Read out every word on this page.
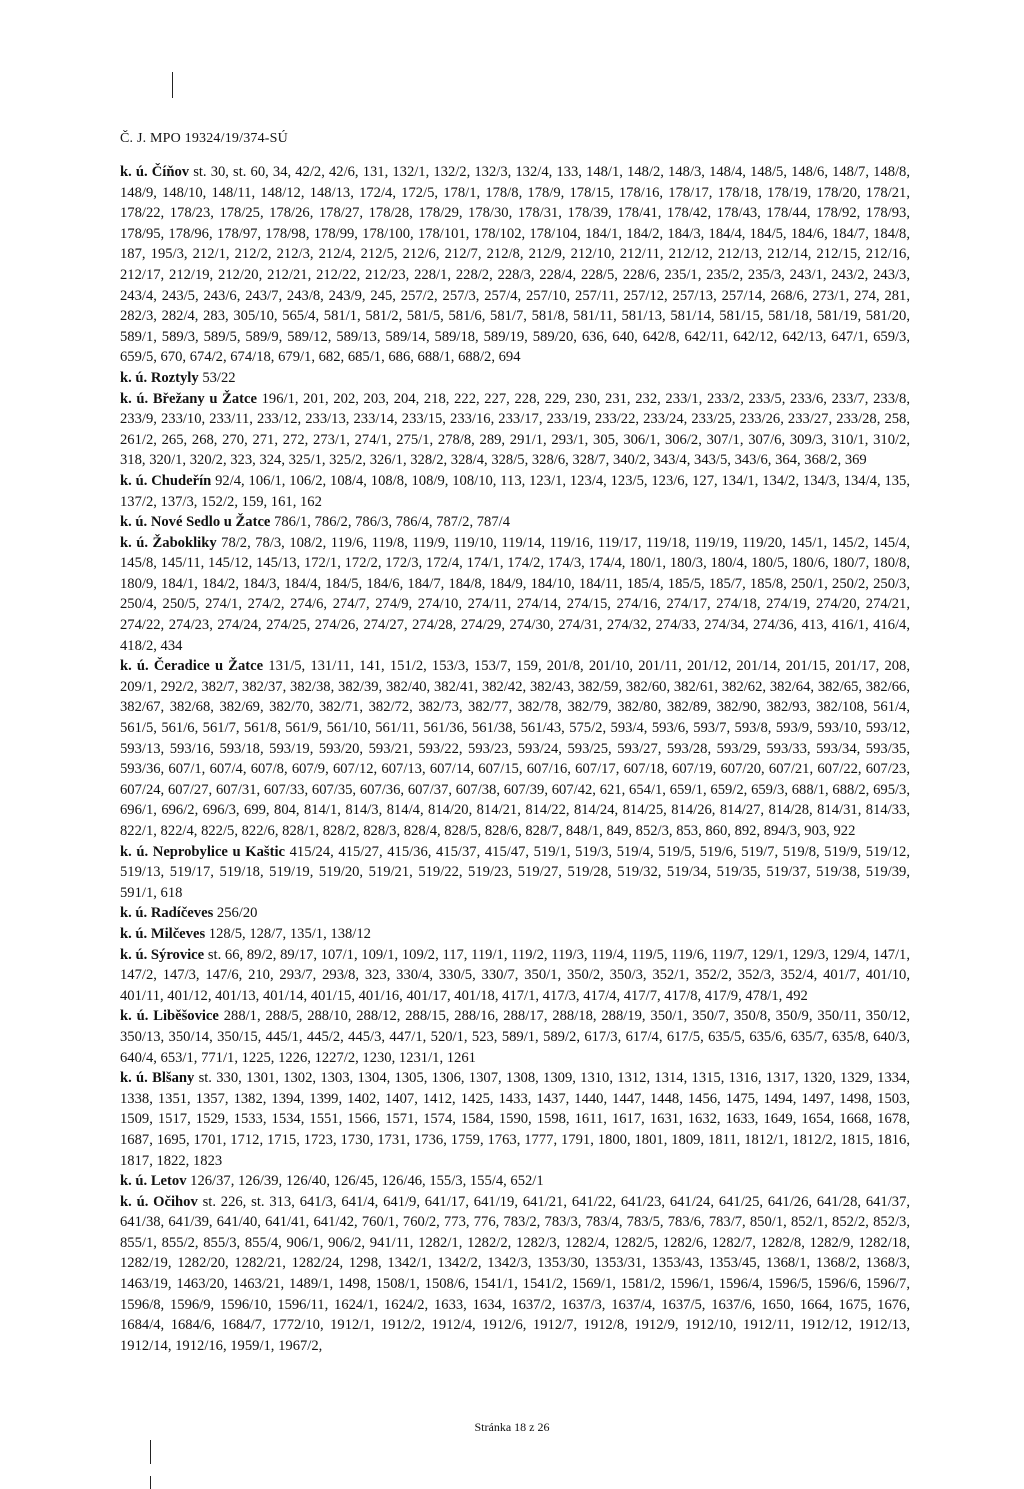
Č. J. MPO 19324/19/374-SÚ

k. ú. Číňov st. 30, st. 60, 34, 42/2, 42/6, 131, 132/1, 132/2, 132/3, 132/4, 133, 148/1, 148/2, 148/3, 148/4, 148/5, 148/6, 148/7, 148/8, 148/9, 148/10, 148/11, 148/12, 148/13, 172/4, 172/5, 178/1, 178/8, 178/9, 178/15, 178/16, 178/17, 178/18, 178/19, 178/20, 178/21, 178/22, 178/23, 178/25, 178/26, 178/27, 178/28, 178/29, 178/30, 178/31, 178/39, 178/41, 178/42, 178/43, 178/44, 178/92, 178/93, 178/95, 178/96, 178/97, 178/98, 178/99, 178/100, 178/101, 178/102, 178/104, 184/1, 184/2, 184/3, 184/4, 184/5, 184/6, 184/7, 184/8, 187, 195/3, 212/1, 212/2, 212/3, 212/4, 212/5, 212/6, 212/7, 212/8, 212/9, 212/10, 212/11, 212/12, 212/13, 212/14, 212/15, 212/16, 212/17, 212/19, 212/20, 212/21, 212/22, 212/23, 228/1, 228/2, 228/3, 228/4, 228/5, 228/6, 235/1, 235/2, 235/3, 243/1, 243/2, 243/3, 243/4, 243/5, 243/6, 243/7, 243/8, 243/9, 245, 257/2, 257/3, 257/4, 257/10, 257/11, 257/12, 257/13, 257/14, 268/6, 273/1, 274, 281, 282/3, 282/4, 283, 305/10, 565/4, 581/1, 581/2, 581/5, 581/6, 581/7, 581/8, 581/11, 581/13, 581/14, 581/15, 581/18, 581/19, 581/20, 589/1, 589/3, 589/5, 589/9, 589/12, 589/13, 589/14, 589/18, 589/19, 589/20, 636, 640, 642/8, 642/11, 642/12, 642/13, 647/1, 659/3, 659/5, 670, 674/2, 674/18, 679/1, 682, 685/1, 686, 688/1, 688/2, 694

k. ú. Roztyly 53/22

k. ú. Břežany u Žatce 196/1, 201, 202, 203, 204, 218, 222, 227, 228, 229, 230, 231, 232, 233/1, 233/2, 233/5, 233/6, 233/7, 233/8, 233/9, 233/10, 233/11, 233/12, 233/13, 233/14, 233/15, 233/16, 233/17, 233/19, 233/22, 233/24, 233/25, 233/26, 233/27, 233/28, 258, 261/2, 265, 268, 270, 271, 272, 273/1, 274/1, 275/1, 278/8, 289, 291/1, 293/1, 305, 306/1, 306/2, 307/1, 307/6, 309/3, 310/1, 310/2, 318, 320/1, 320/2, 323, 324, 325/1, 325/2, 326/1, 328/2, 328/4, 328/5, 328/6, 328/7, 340/2, 343/4, 343/5, 343/6, 364, 368/2, 369

k. ú. Chudeřín 92/4, 106/1, 106/2, 108/4, 108/8, 108/9, 108/10, 113, 123/1, 123/4, 123/5, 123/6, 127, 134/1, 134/2, 134/3, 134/4, 135, 137/2, 137/3, 152/2, 159, 161, 162

k. ú. Nové Sedlo u Žatce 786/1, 786/2, 786/3, 786/4, 787/2, 787/4

k. ú. Žabokliky 78/2, 78/3, 108/2, 119/6, 119/8, 119/9, 119/10, 119/14, 119/16, 119/17, 119/18, 119/19, 119/20, 145/1, 145/2, 145/4, 145/8, 145/11, 145/12, 145/13, 172/1, 172/2, 172/3, 172/4, 174/1, 174/2, 174/3, 174/4, 180/1, 180/3, 180/4, 180/5, 180/6, 180/7, 180/8, 180/9, 184/1, 184/2, 184/3, 184/4, 184/5, 184/6, 184/7, 184/8, 184/9, 184/10, 184/11, 185/4, 185/5, 185/7, 185/8, 250/1, 250/2, 250/3, 250/4, 250/5, 274/1, 274/2, 274/6, 274/7, 274/9, 274/10, 274/11, 274/14, 274/15, 274/16, 274/17, 274/18, 274/19, 274/20, 274/21, 274/22, 274/23, 274/24, 274/25, 274/26, 274/27, 274/28, 274/29, 274/30, 274/31, 274/32, 274/33, 274/34, 274/36, 413, 416/1, 416/4, 418/2, 434

k. ú. Čeradice u Žatce 131/5, 131/11, 141, 151/2, 153/3, 153/7, 159, 201/8, 201/10, 201/11, 201/12, 201/14, 201/15, 201/17, 208, 209/1, 292/2, 382/7, 382/37, 382/38, 382/39, 382/40, 382/41, 382/42, 382/43, 382/59, 382/60, 382/61, 382/62, 382/64, 382/65, 382/66, 382/67, 382/68, 382/69, 382/70, 382/71, 382/72, 382/73, 382/77, 382/78, 382/79, 382/80, 382/89, 382/90, 382/93, 382/108, 561/4, 561/5, 561/6, 561/7, 561/8, 561/9, 561/10, 561/11, 561/36, 561/38, 561/43, 575/2, 593/4, 593/6, 593/7, 593/8, 593/9, 593/10, 593/12, 593/13, 593/16, 593/18, 593/19, 593/20, 593/21, 593/22, 593/23, 593/24, 593/25, 593/27, 593/28, 593/29, 593/33, 593/34, 593/35, 593/36, 607/1, 607/4, 607/8, 607/9, 607/12, 607/13, 607/14, 607/15, 607/16, 607/17, 607/18, 607/19, 607/20, 607/21, 607/22, 607/23, 607/24, 607/27, 607/31, 607/33, 607/35, 607/36, 607/37, 607/38, 607/39, 607/42, 621, 654/1, 659/1, 659/2, 659/3, 688/1, 688/2, 695/3, 696/1, 696/2, 696/3, 699, 804, 814/1, 814/3, 814/4, 814/20, 814/21, 814/22, 814/24, 814/25, 814/26, 814/27, 814/28, 814/31, 814/33, 822/1, 822/4, 822/5, 822/6, 828/1, 828/2, 828/3, 828/4, 828/5, 828/6, 828/7, 848/1, 849, 852/3, 853, 860, 892, 894/3, 903, 922

k. ú. Neprobylice u Kaštic 415/24, 415/27, 415/36, 415/37, 415/47, 519/1, 519/3, 519/4, 519/5, 519/6, 519/7, 519/8, 519/9, 519/12, 519/13, 519/17, 519/18, 519/19, 519/20, 519/21, 519/22, 519/23, 519/27, 519/28, 519/32, 519/34, 519/35, 519/37, 519/38, 519/39, 591/1, 618

k. ú. Radíčeves 256/20

k. ú. Milčeves 128/5, 128/7, 135/1, 138/12

k. ú. Sýrovice st. 66, 89/2, 89/17, 107/1, 109/1, 109/2, 117, 119/1, 119/2, 119/3, 119/4, 119/5, 119/6, 119/7, 129/1, 129/3, 129/4, 147/1, 147/2, 147/3, 147/6, 210, 293/7, 293/8, 323, 330/4, 330/5, 330/7, 350/1, 350/2, 350/3, 352/1, 352/2, 352/3, 352/4, 401/7, 401/10, 401/11, 401/12, 401/13, 401/14, 401/15, 401/16, 401/17, 401/18, 417/1, 417/3, 417/4, 417/7, 417/8, 417/9, 478/1, 492

k. ú. Liběšovice 288/1, 288/5, 288/10, 288/12, 288/15, 288/16, 288/17, 288/18, 288/19, 350/1, 350/7, 350/8, 350/9, 350/11, 350/12, 350/13, 350/14, 350/15, 445/1, 445/2, 445/3, 447/1, 520/1, 523, 589/1, 589/2, 617/3, 617/4, 617/5, 635/5, 635/6, 635/7, 635/8, 640/3, 640/4, 653/1, 771/1, 1225, 1226, 1227/2, 1230, 1231/1, 1261

k. ú. Blšany st. 330, 1301, 1302, 1303, 1304, 1305, 1306, 1307, 1308, 1309, 1310, 1312, 1314, 1315, 1316, 1317, 1320, 1329, 1334, 1338, 1351, 1357, 1382, 1394, 1399, 1402, 1407, 1412, 1425, 1433, 1437, 1440, 1447, 1448, 1456, 1475, 1494, 1497, 1498, 1503, 1509, 1517, 1529, 1533, 1534, 1551, 1566, 1571, 1574, 1584, 1590, 1598, 1611, 1617, 1631, 1632, 1633, 1649, 1654, 1668, 1678, 1687, 1695, 1701, 1712, 1715, 1723, 1730, 1731, 1736, 1759, 1763, 1777, 1791, 1800, 1801, 1809, 1811, 1812/1, 1812/2, 1815, 1816, 1817, 1822, 1823

k. ú. Letov 126/37, 126/39, 126/40, 126/45, 126/46, 155/3, 155/4, 652/1

k. ú. Očihov st. 226, st. 313, 641/3, 641/4, 641/9, 641/17, 641/19, 641/21, 641/22, 641/23, 641/24, 641/25, 641/26, 641/28, 641/37, 641/38, 641/39, 641/40, 641/41, 641/42, 760/1, 760/2, 773, 776, 783/2, 783/3, 783/4, 783/5, 783/6, 783/7, 850/1, 852/1, 852/2, 852/3, 855/1, 855/2, 855/3, 855/4, 906/1, 906/2, 941/11, 1282/1, 1282/2, 1282/3, 1282/4, 1282/5, 1282/6, 1282/7, 1282/8, 1282/9, 1282/18, 1282/19, 1282/20, 1282/21, 1282/24, 1298, 1342/1, 1342/2, 1342/3, 1353/30, 1353/31, 1353/43, 1353/45, 1368/1, 1368/2, 1368/3, 1463/19, 1463/20, 1463/21, 1489/1, 1498, 1508/1, 1508/6, 1541/1, 1541/2, 1569/1, 1581/2, 1596/1, 1596/4, 1596/5, 1596/6, 1596/7, 1596/8, 1596/9, 1596/10, 1596/11, 1624/1, 1624/2, 1633, 1634, 1637/2, 1637/3, 1637/4, 1637/5, 1637/6, 1650, 1664, 1675, 1676, 1684/4, 1684/6, 1684/7, 1772/10, 1912/1, 1912/2, 1912/4, 1912/6, 1912/7, 1912/8, 1912/9, 1912/10, 1912/11, 1912/12, 1912/13, 1912/14, 1912/16, 1959/1, 1967/2,

Stránka 18 z 26
